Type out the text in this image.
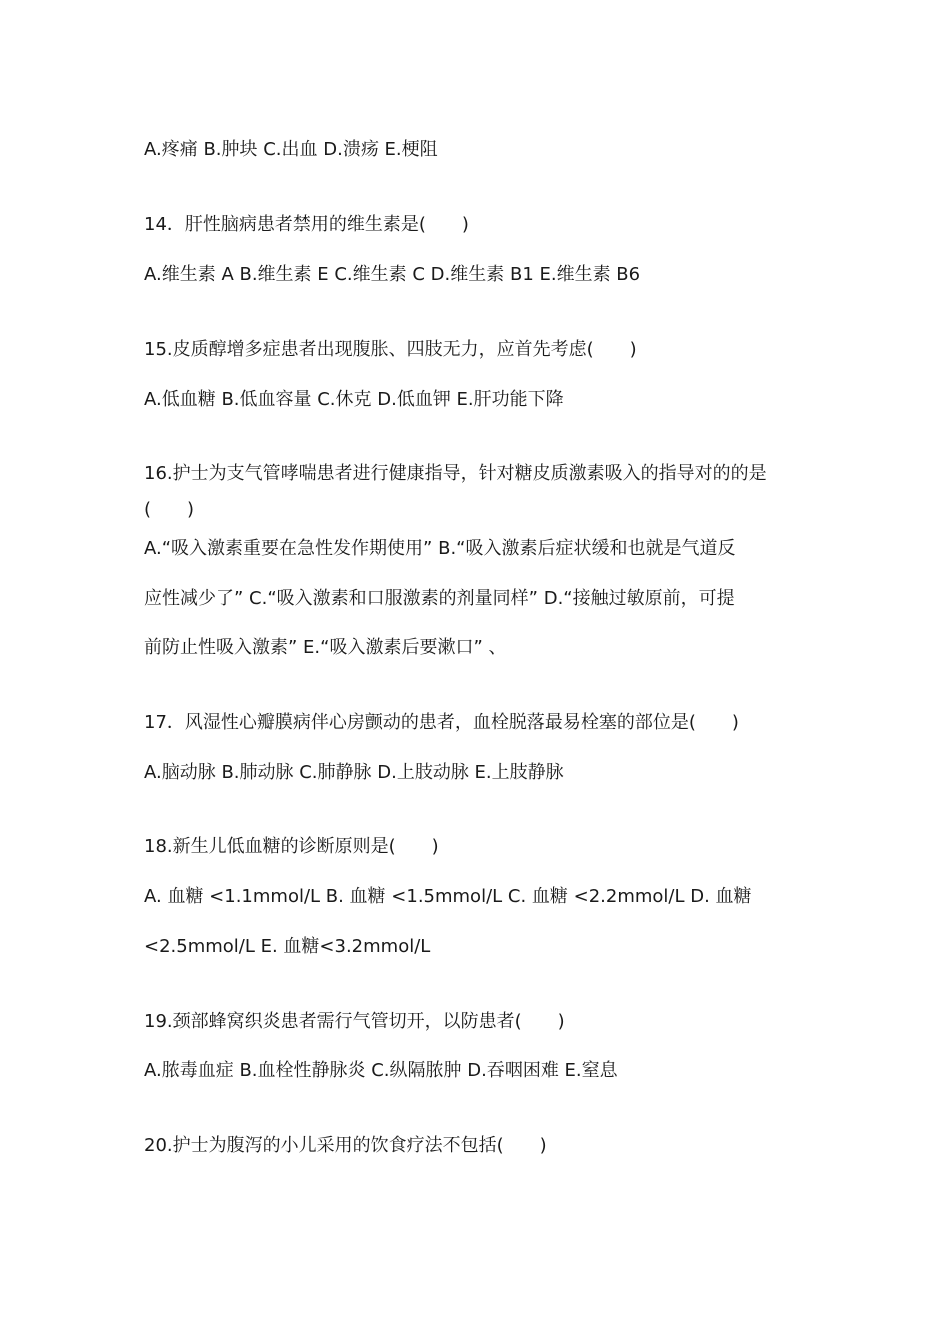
A.疼痛 B.肿块 C.出血 D.溃疡 E.梗阻
14．肝性脑病患者禁用的维生素是(　　)
A.维生素 A B.维生素 E C.维生素 C D.维生素 B1 E.维生素 B6
15.皮质醇增多症患者出现腹胀、四肢无力，应首先考虑(　　)
A.低血糖 B.低血容量 C.休克 D.低血钾 E.肝功能下降
16.护士为支气管哮喘患者进行健康指导，针对糖皮质激素吸入的指导对的的是
(　　)
A.“吸入激素重要在急性发作期使用” B.“吸入激素后症状缓和也就是气道反
应性减少了” C.“吸入激素和口服激素的剂量同样” D.“接触过敏原前，可提
前防止性吸入激素” E.“吸入激素后要漱口” 、
17．风湿性心瓣膜病伴心房颤动的患者，血栓脱落最易栓塞的部位是(　　)
A.脑动脉 B.肺动脉 C.肺静脉 D.上肢动脉 E.上肢静脉
18.新生儿低血糖的诊断原则是(　　)
A. 血糖 <1.1mmol/L B. 血糖 <1.5mmol/L C. 血糖 <2.2mmol/L D. 血糖
<2.5mmol/L E. 血糖<3.2mmol/L
19.颈部蜂窝织炎患者需行气管切开，以防患者(　　)
A.脓毒血症 B.血栓性静脉炎 C.纵隔脓肿 D.吞咽困难 E.窒息
20.护士为腹泻的小儿采用的饮食疗法不包括(　　)
